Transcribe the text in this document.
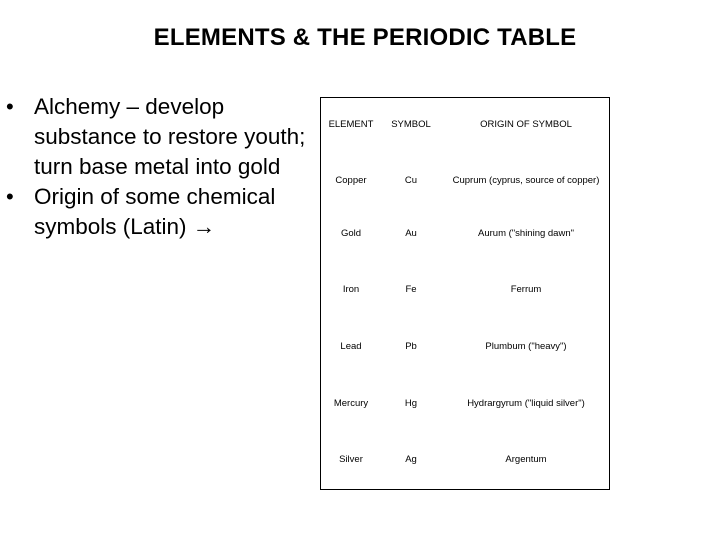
ELEMENTS & THE PERIODIC TABLE
• Alchemy – develop substance to restore youth; turn base metal into gold
• Origin of some chemical symbols (Latin) →
ELEMENT	SYMBOL	ORIGIN OF SYMBOL
Copper	Cu	Cuprum (cyprus, source of copper)
Gold	Au	Aurum ("shining dawn"
Iron	Fe	Ferrum
Lead	Pb	Plumbum ("heavy")
Mercury	Hg	Hydrargyrum ("liquid silver")
Silver	Ag	Argentum
